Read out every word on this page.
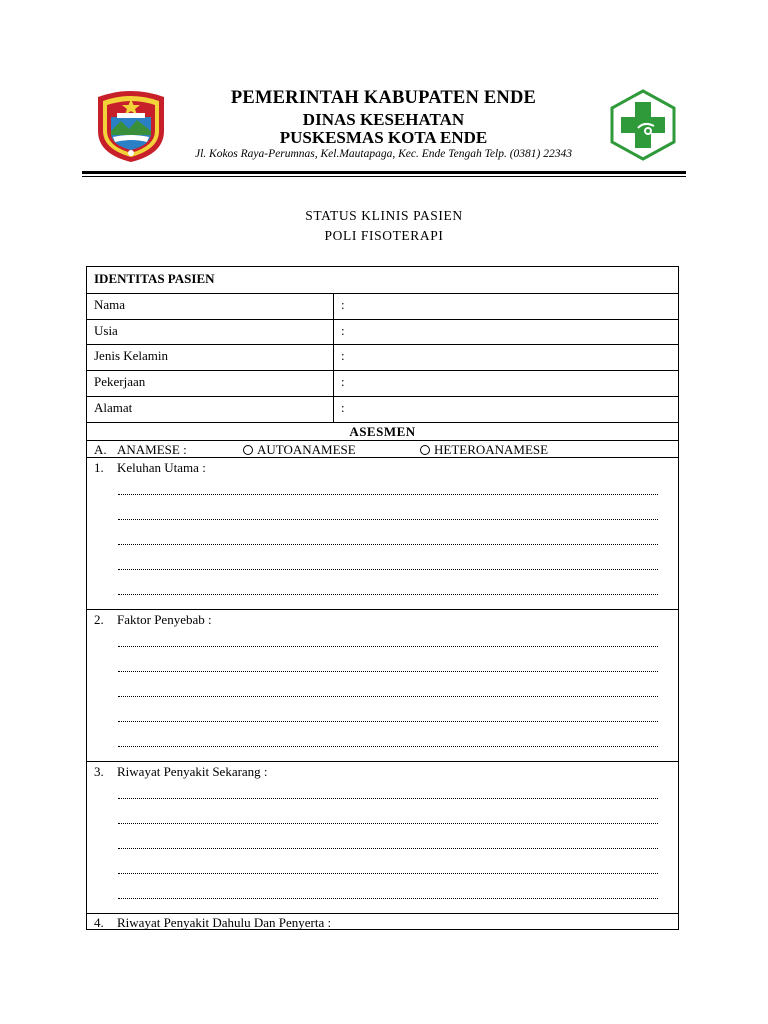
PEMERINTAH KABUPATEN ENDE
DINAS KESEHATAN
PUSKESMAS KOTA ENDE
Jl. Kokos Raya-Perumnas, Kel.Mautapaga, Kec. Ende Tengah Telp. (0381) 22343
STATUS KLINIS PASIEN
POLI FISOTERAPI
IDENTITAS PASIEN
Nama	:
Usia	:
Jenis Kelamin	:
Pekerjaan	:
Alamat	:
ASESMEN
A. ANAMESE :	AUTOANAMESE	HETEROANAMESE
1. Keluhan Utama :
2. Faktor Penyebab :
3. Riwayat Penyakit Sekarang :
4. Riwayat Penyakit Dahulu Dan Penyerta :
